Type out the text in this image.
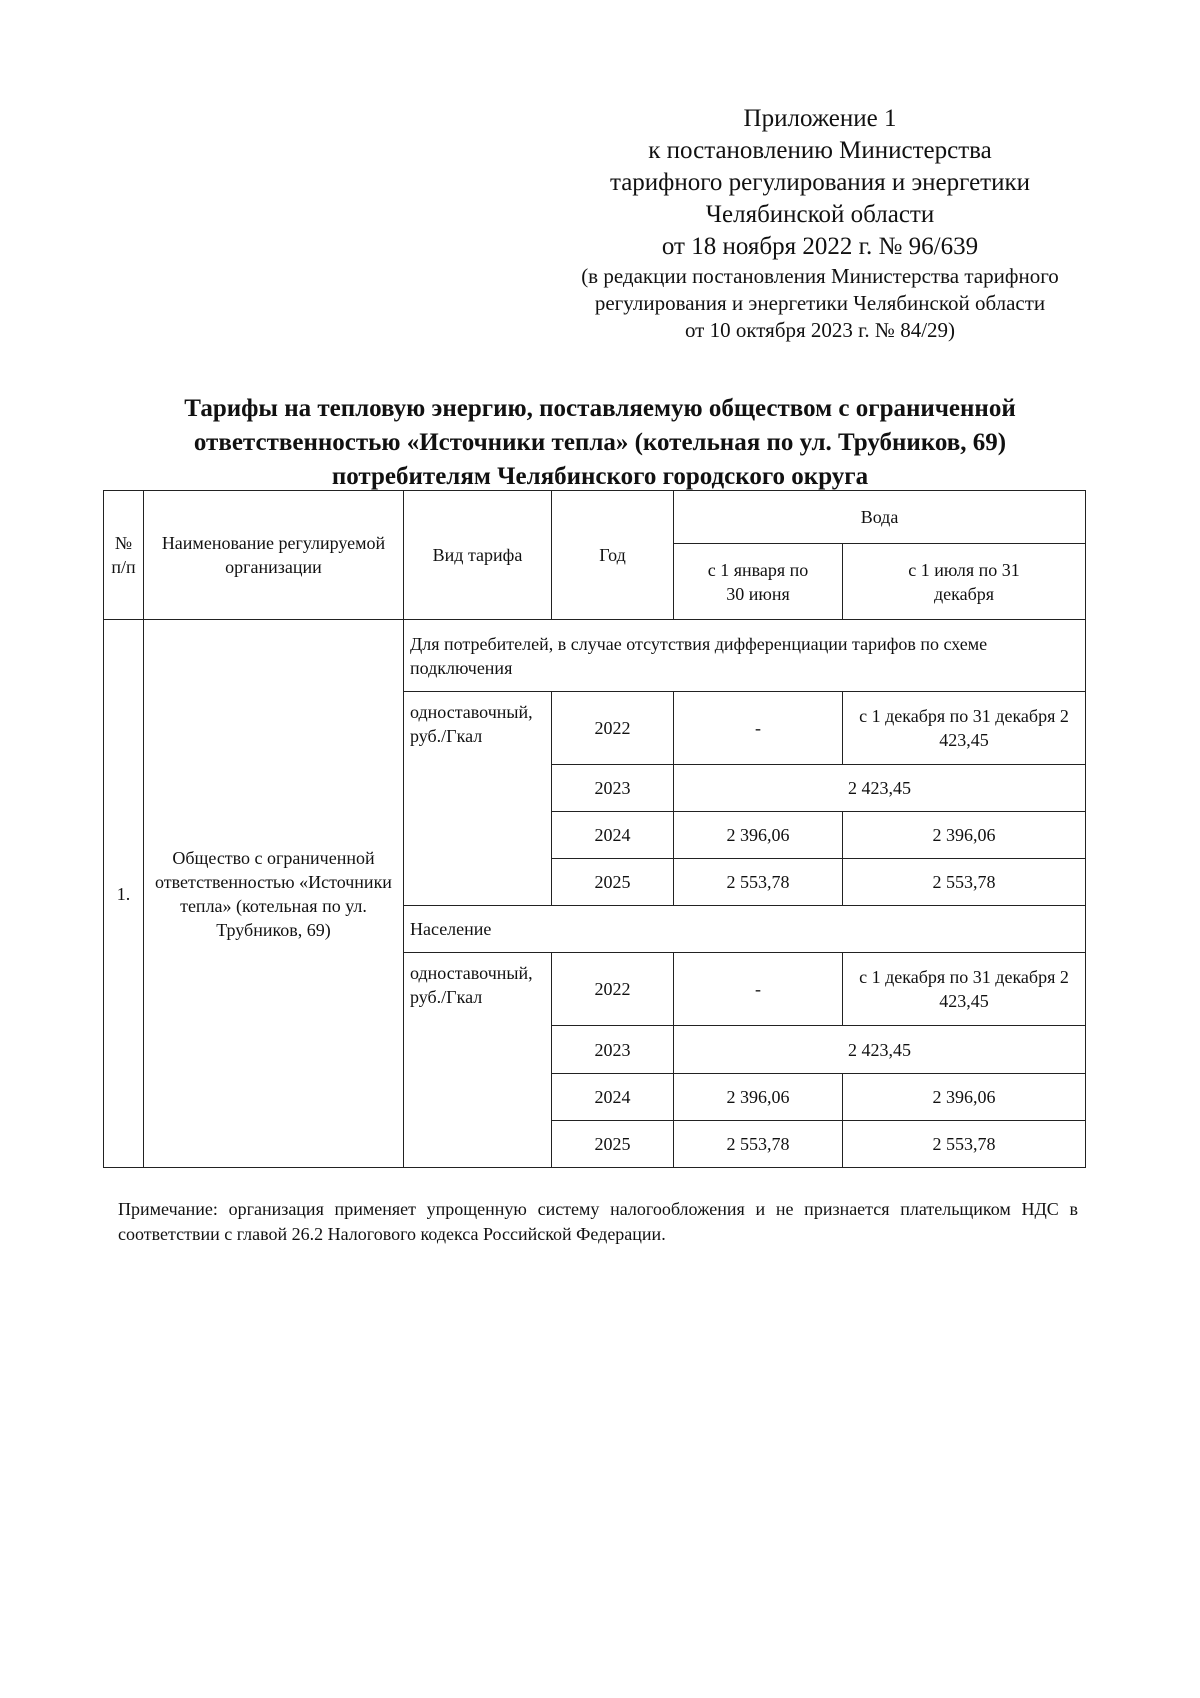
Приложение 1
к постановлению Министерства
тарифного регулирования и энергетики
Челябинской области
от 18 ноября 2022 г. № 96/639
(в редакции постановления Министерства тарифного
регулирования и энергетики Челябинской области
от 10 октября 2023 г. № 84/29)
Тарифы на тепловую энергию, поставляемую обществом с ограниченной
ответственностью «Источники тепла» (котельная по ул. Трубников, 69)
потребителям Челябинского городского округа
№ п/п	Наименование регулируемой организации	Вид тарифа	Год	Вода	
				с 1 января по 30 июня	с 1 июля по 31 декабря
1.	Общество с ограниченной ответственностью «Источники тепла» (котельная по ул. Трубников, 69)	Для потребителей, в случае отсутствия дифференциации тарифов по схеме подключения			
		одноставочный, руб./Гкал	2022	-	с 1 декабря по 31 декабря 2 423,45
			2023	2 423,45	
			2024	2 396,06	2 396,06
			2025	2 553,78	2 553,78
		Население			
		одноставочный, руб./Гкал	2022	-	с 1 декабря по 31 декабря 2 423,45
			2023	2 423,45	
			2024	2 396,06	2 396,06
			2025	2 553,78	2 553,78
Примечание: организация применяет упрощенную систему налогообложения и не признается плательщиком НДС в соответствии с главой 26.2 Налогового кодекса Российской Федерации.
